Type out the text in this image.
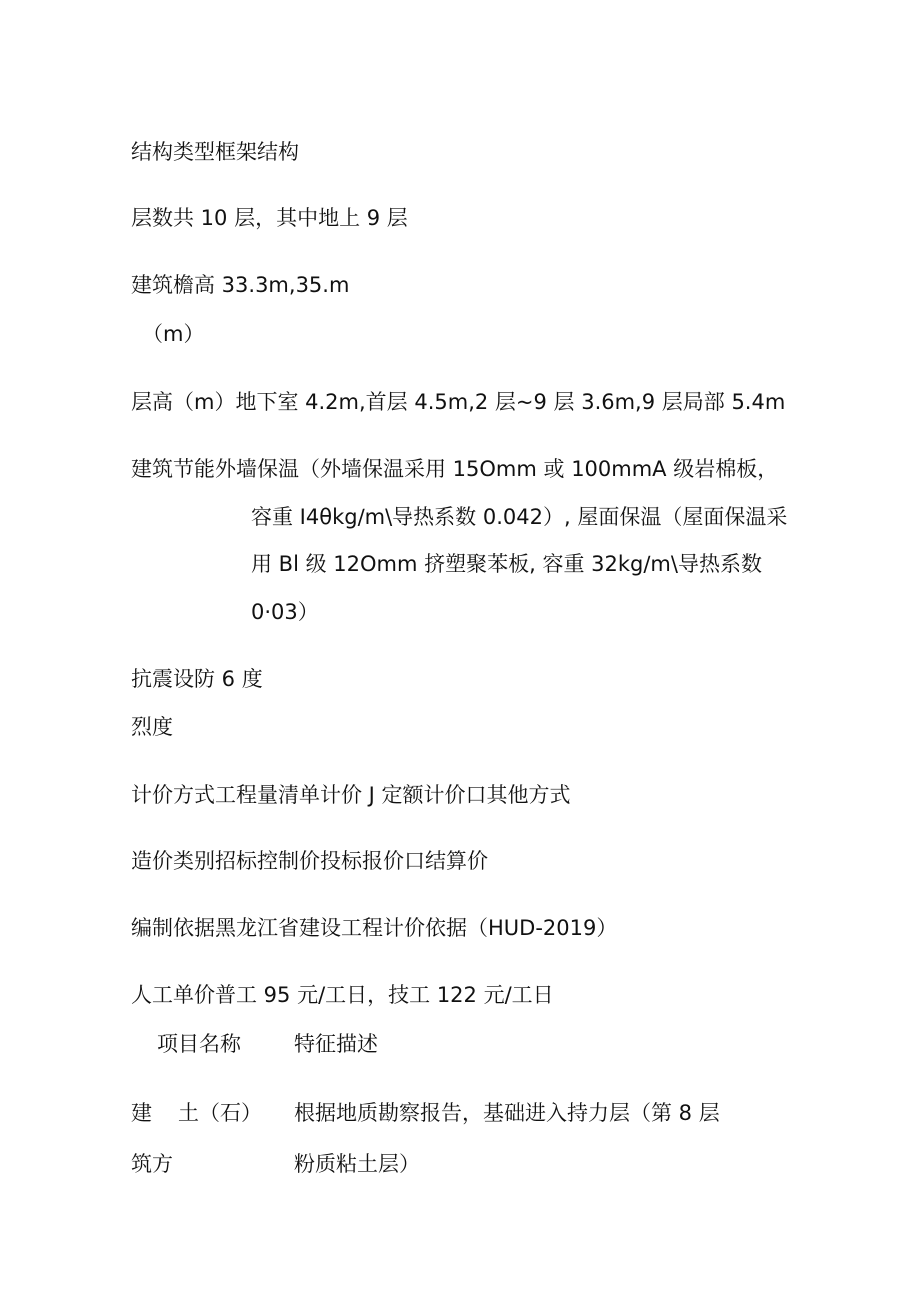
结构类型框架结构
层数共 10 层，其中地上 9 层
建筑檐高 33.3m,35.m
（m）
层高（m）地下室 4.2m,首层 4.5m,2 层~9 层 3.6m,9 层局部 5.4m
建筑节能外墙保温（外墙保温采用 15Omm 或 100mmA 级岩棉板，
容重 I4θkg∕m\导热系数 0.042）, 屋面保温（屋面保温采
用 Bl 级 12Omm 挤塑聚苯板, 容重 32kg∕m\导热系数
0·03）
抗震设防 6 度
烈度
计价方式工程量清单计价 J 定额计价口其他方式
造价类别招标控制价投标报价口结算价
编制依据黑龙江省建设工程计价依据（HUD-2019）
人工单价普工 95 元/工日，技工 122 元/工日
项目名称	特征描述
建 土（石） 根据地质勘察报告，基础进入持力层（第 8 层
筑方	粉质粘土层）
